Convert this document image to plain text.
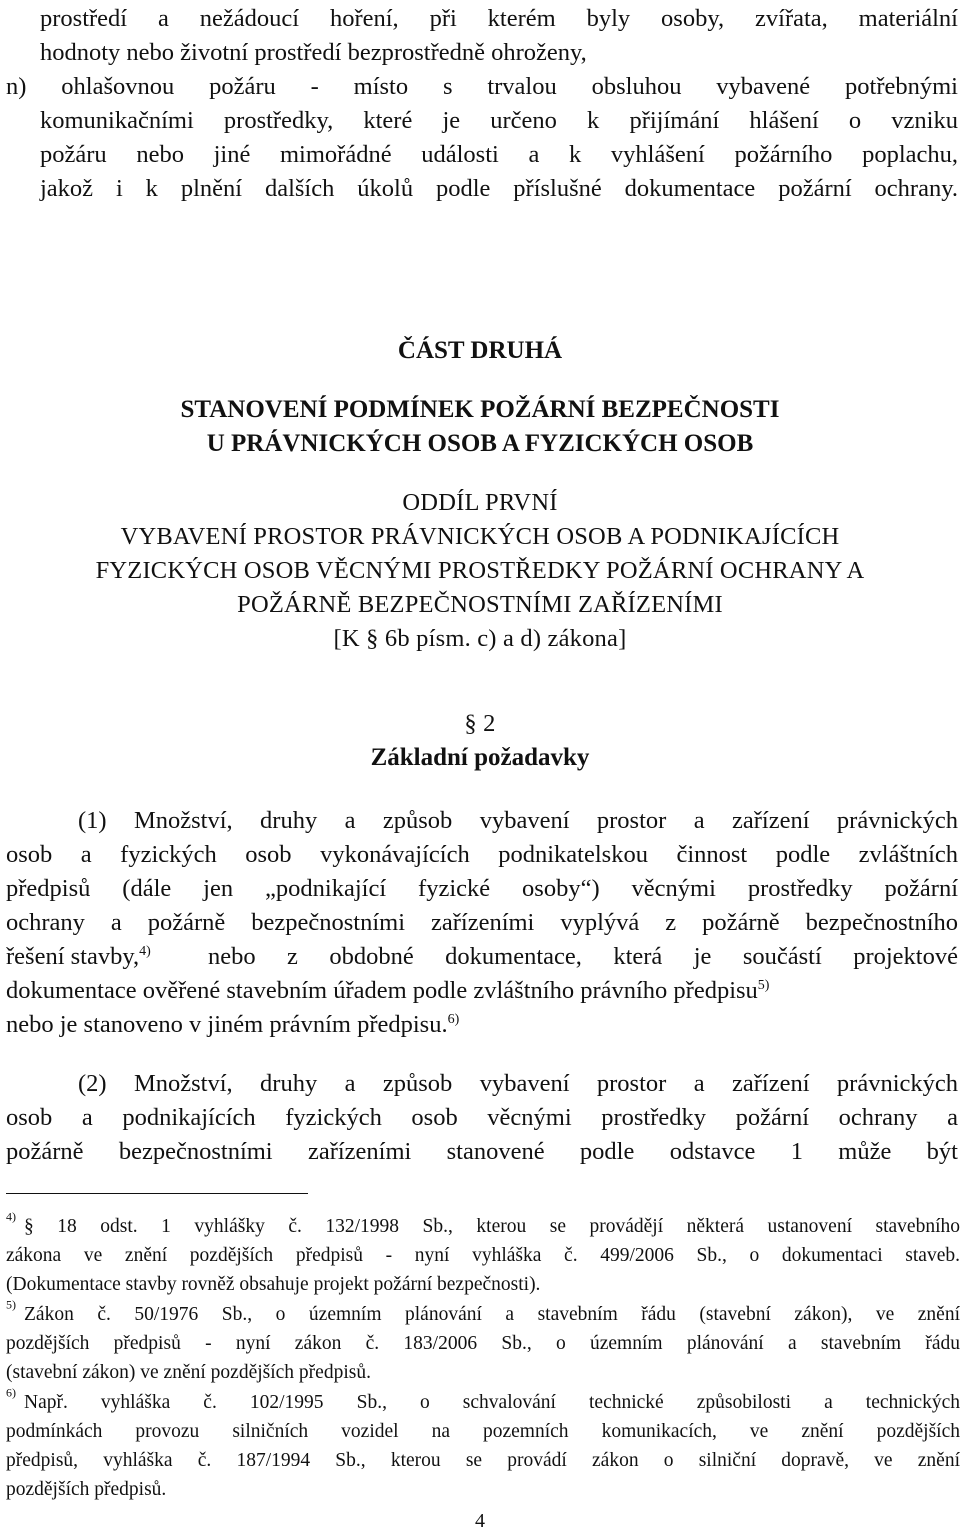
prostředí a nežádoucí hoření, při kterém byly osoby, zvířata, materiální
hodnoty nebo životní prostředí bezprostředně ohroženy,
n) ohlašovnou požáru - místo s trvalou obsluhou vybavené potřebnými
komunikačními prostředky, které je určeno k přijímání hlášení o vzniku
požáru nebo jiné mimořádné události a k vyhlášení požárního poplachu,
jakož i k plnění dalších úkolů podle příslušné dokumentace požární ochrany.
ČÁST DRUHÁ
STANOVENÍ PODMÍNEK POŽÁRNÍ BEZPEČNOSTI
U PRÁVNICKÝCH OSOB A FYZICKÝCH OSOB
ODDÍL PRVNÍ
VYBAVENÍ PROSTOR PRÁVNICKÝCH OSOB A PODNIKAJÍCÍCH
FYZICKÝCH OSOB VĚCNÝMI PROSTŘEDKY POŽÁRNÍ OCHRANY A
POŽÁRNĚ BEZPEČNOSTNÍMI ZAŘÍZENÍMI
[K § 6b písm. c) a d) zákona]
§ 2
Základní požadavky
(1) Množství, druhy a způsob vybavení prostor a zařízení právnických
osob a fyzických osob vykonávajících podnikatelskou činnost podle zvláštních
předpisů (dále jen „podnikající fyzické osoby“) věcnými prostředky požární
ochrany a požárně bezpečnostními zařízeními vyplývá z požárně bezpečnostního
řešení stavby,$^{4)}$ nebo z obdobné dokumentace, která je součástí projektové
dokumentace ověřené stavebním úřadem podle zvláštního právního předpisu$^{5)}$
nebo je stanoveno v jiném právním předpisu.$^{6)}$
(2) Množství, druhy a způsob vybavení prostor a zařízení právnických
osob a podnikajících fyzických osob věcnými prostředky požární ochrany a
požárně bezpečnostními zařízeními stanovené podle odstavce 1 může být
$^{4)}$ § 18 odst. 1 vyhlášky č. 132/1998 Sb., kterou se provádějí některá ustanovení stavebního
zákona ve znění pozdějších předpisů - nyní vyhláška č. 499/2006 Sb., o dokumentaci staveb.
(Dokumentace stavby rovněž obsahuje projekt požární bezpečnosti).
$^{5)}$ Zákon č. 50/1976 Sb., o územním plánování a stavebním řádu (stavební zákon), ve znění
pozdějších předpisů - nyní zákon č. 183/2006 Sb., o územním plánování a stavebním řádu
(stavební zákon) ve znění pozdějších předpisů.
$^{6)}$ Např. vyhláška č. 102/1995 Sb., o schvalování technické způsobilosti a technických
podmínkách provozu silničních vozidel na pozemních komunikacích, ve znění pozdějších
předpisů, vyhláška č. 187/1994 Sb., kterou se provádí zákon o silniční dopravě, ve znění
pozdějších předpisů.
4
